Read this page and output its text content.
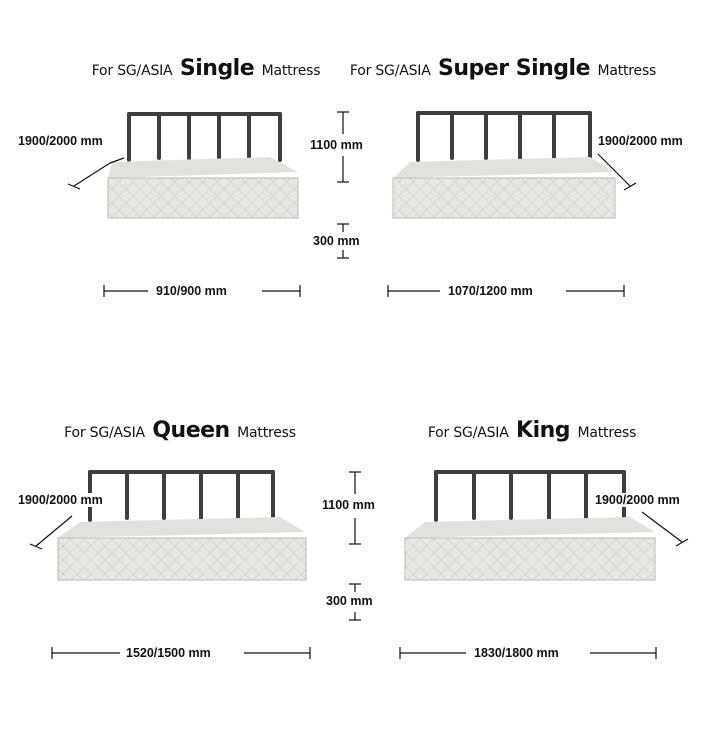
For SG/ASIA Single Mattress	For SG/ASIA Super Single Mattress
For SG/ASIA Queen Mattress	For SG/ASIA King Mattress
1900/2000 mm	1900/2000 mm
910/900 mm	1070/1200 mm
1100 mm
300 mm
1900/2000 mm	1900/2000 mm
1520/1500 mm	1830/1800 mm
1100 mm
300 mm
